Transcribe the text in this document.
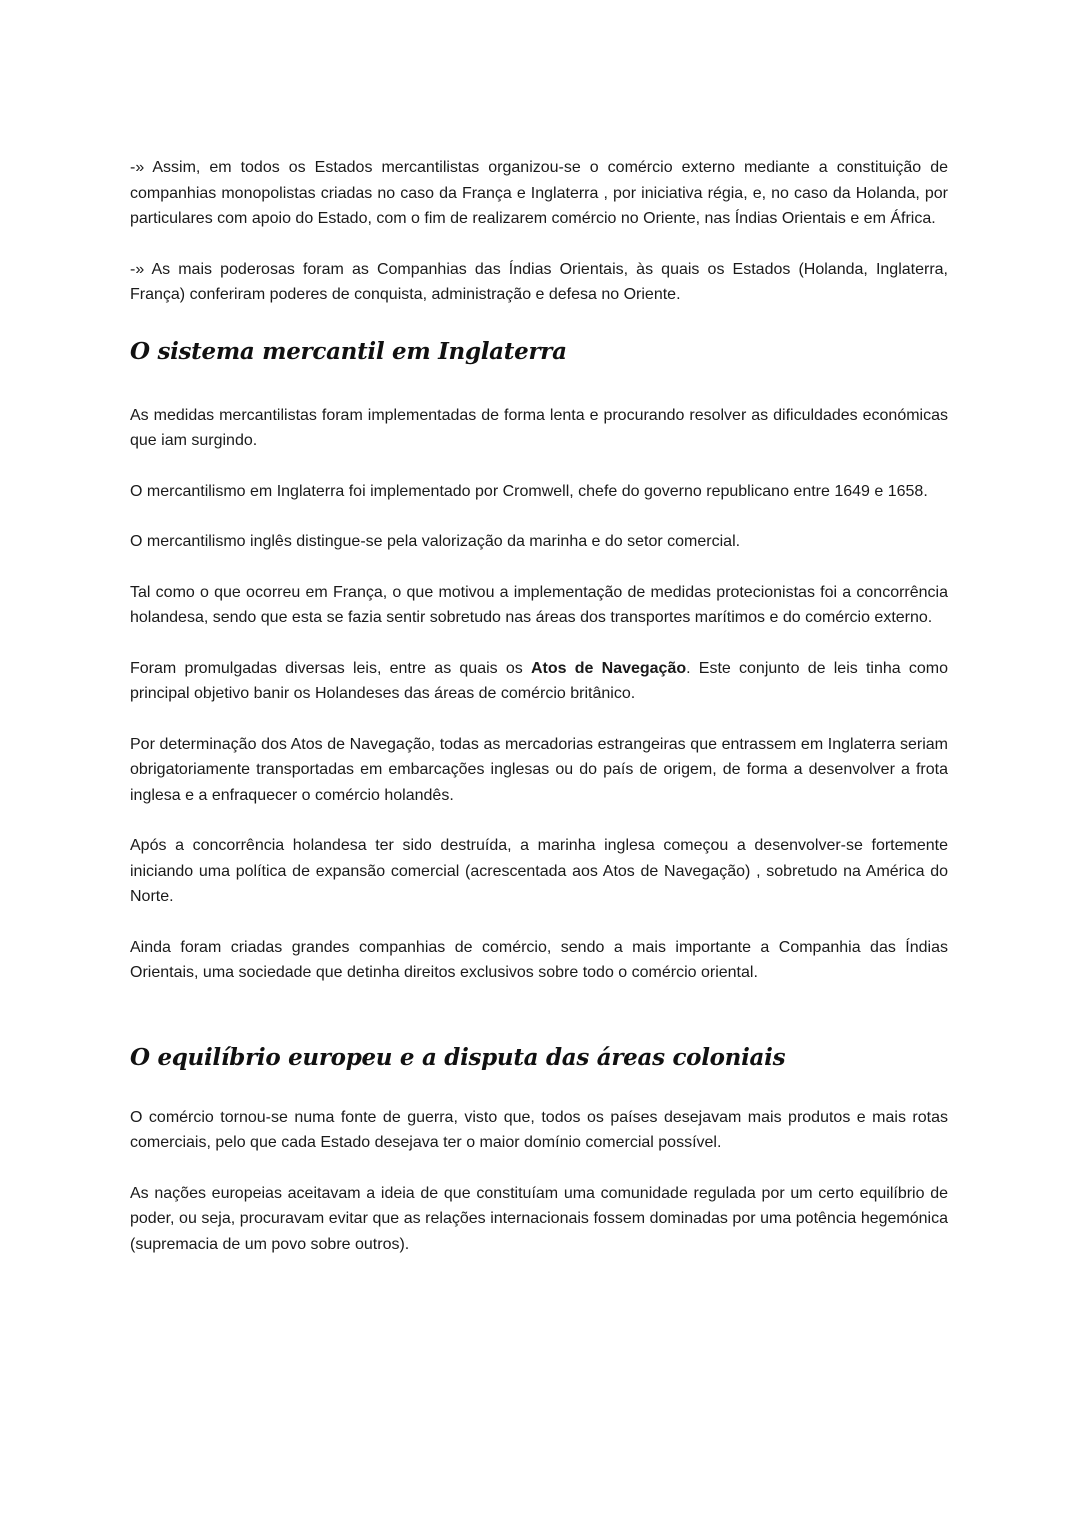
-» Assim, em todos os Estados mercantilistas organizou-se o comércio externo mediante a constituição de companhias monopolistas criadas no caso da França e Inglaterra , por iniciativa régia, e, no caso da Holanda, por particulares com apoio do Estado, com o fim de realizarem comércio no Oriente, nas Índias Orientais e em África.

-» As mais poderosas foram as Companhias das Índias Orientais, às quais os Estados (Holanda, Inglaterra, França) conferiram poderes de conquista, administração e defesa no Oriente.

O sistema mercantil em Inglaterra

As medidas mercantilistas foram implementadas de forma lenta e procurando resolver as dificuldades económicas que iam surgindo.

O mercantilismo em Inglaterra foi implementado por Cromwell, chefe do governo republicano entre 1649 e 1658.

O mercantilismo inglês distingue-se pela valorização da marinha e do setor comercial.

Tal como o que ocorreu em França, o que motivou a implementação de medidas protecionistas foi a concorrência holandesa, sendo que esta se fazia sentir sobretudo nas áreas dos transportes marítimos e do comércio externo.

Foram promulgadas diversas leis, entre as quais os Atos de Navegação. Este conjunto de leis tinha como principal objetivo banir os Holandeses das áreas de comércio britânico.

Por determinação dos Atos de Navegação, todas as mercadorias estrangeiras que entrassem em Inglaterra seriam obrigatoriamente transportadas em embarcações inglesas ou do país de origem, de forma a desenvolver a frota inglesa e a enfraquecer o comércio holandês.

Após a concorrência holandesa ter sido destruída, a marinha inglesa começou a desenvolver-se fortemente iniciando uma política de expansão comercial (acrescentada aos Atos de Navegação) , sobretudo na América do Norte.

Ainda foram criadas grandes companhias de comércio, sendo a mais importante a Companhia das Índias Orientais, uma sociedade que detinha direitos exclusivos sobre todo o comércio oriental.

O equilíbrio europeu e a disputa das áreas coloniais

O comércio tornou-se numa fonte de guerra, visto que, todos os países desejavam mais produtos e mais rotas comerciais, pelo que cada Estado desejava ter o maior domínio comercial possível.

As nações europeias aceitavam a ideia de que constituíam uma comunidade regulada por um certo equilíbrio de poder, ou seja, procuravam evitar que as relações internacionais fossem dominadas por uma potência hegemónica (supremacia de um povo sobre outros).
